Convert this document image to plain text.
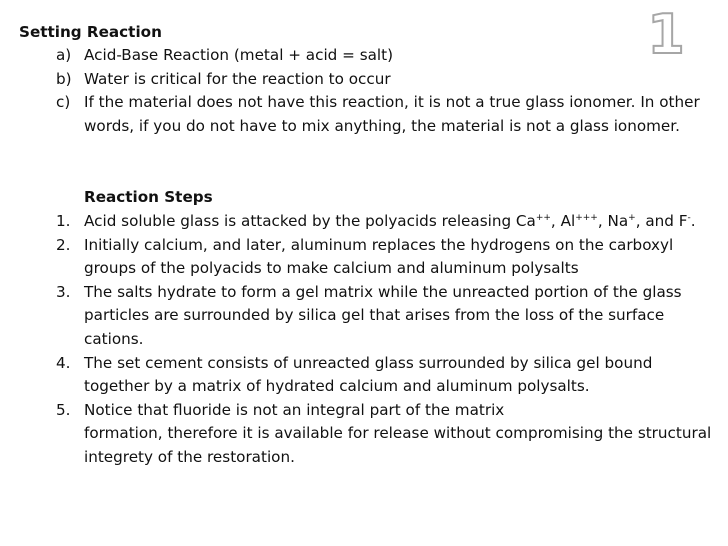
1
Setting Reaction
a) Acid-Base Reaction (metal + acid = salt)
b) Water is critical for the reaction to occur
c) If the material does not have this reaction, it is not a true glass ionomer. In other words, if you do not have to mix anything, the material is not a glass ionomer.
Reaction Steps
1. Acid soluble glass is attacked by the polyacids releasing Ca++, Al+++, Na+, and F-.
2. Initially calcium, and later, aluminum replaces the hydrogens on the carboxyl groups of the polyacids to make calcium and aluminum polysalts
3. The salts hydrate to form a gel matrix while the unreacted portion of the glass particles are surrounded by silica gel that arises from the loss of the surface cations.
4. The set cement consists of unreacted glass surrounded by silica gel bound together by a matrix of hydrated calcium and aluminum polysalts.
5. Notice that fluoride is not an integral part of the matrix
formation, therefore it is available for release without compromising the structural integrety of the restoration.
